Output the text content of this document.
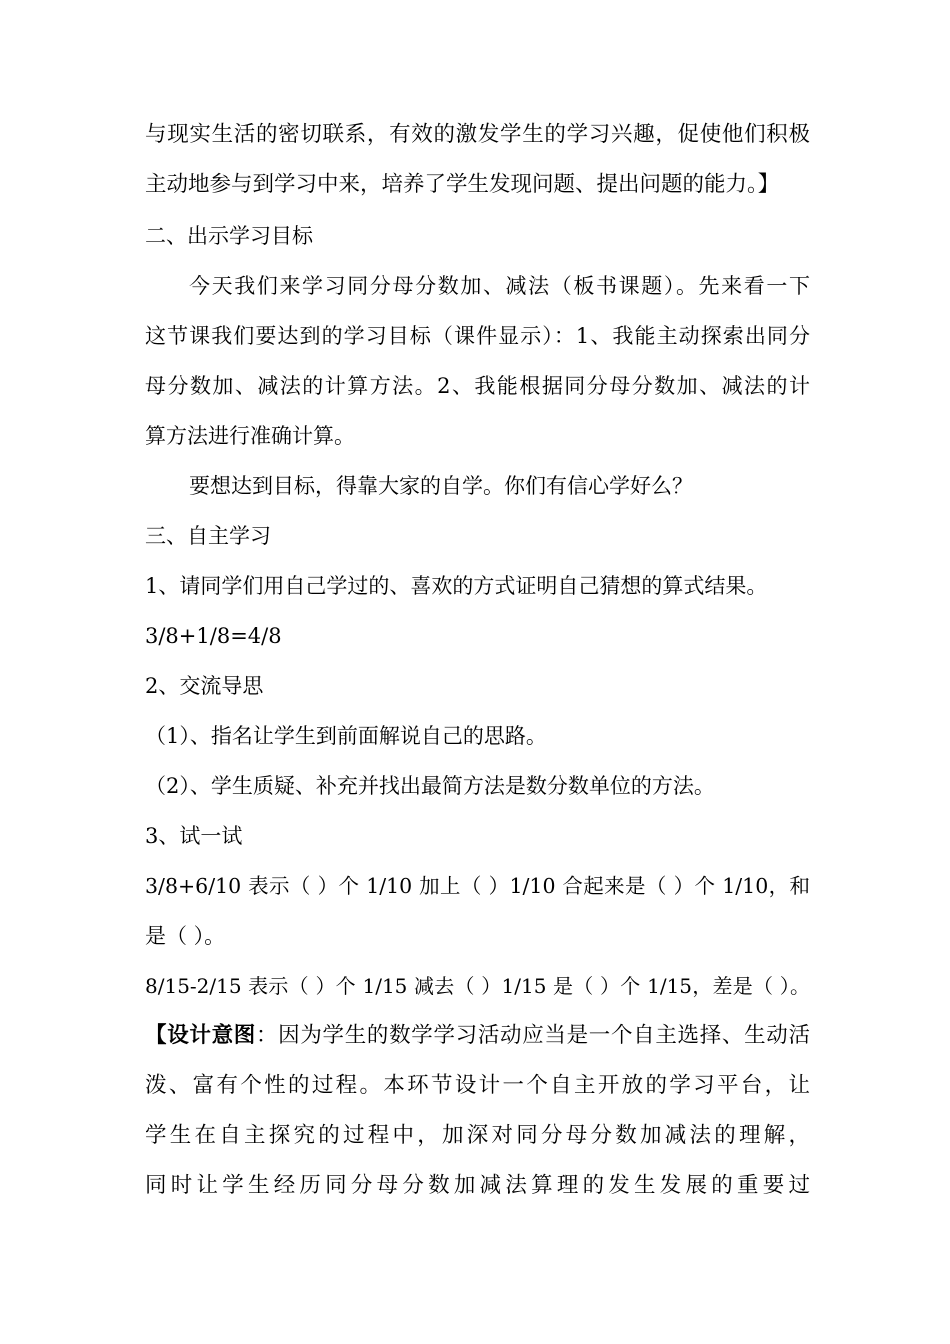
与现实生活的密切联系，有效的激发学生的学习兴趣，促使他们积极
主动地参与到学习中来，培养了学生发现问题、提出问题的能力。】
二、出示学习目标
今天我们来学习同分母分数加、减法（板书课题）。先来看一下
这节课我们要达到的学习目标（课件显示）：1、我能主动探索出同分
母分数加、减法的计算方法。2、我能根据同分母分数加、减法的计
算方法进行准确计算。
要想达到目标，得靠大家的自学。你们有信心学好么？
三、自主学习
1、请同学们用自己学过的、喜欢的方式证明自己猜想的算式结果。
3/8+1/8=4/8
2、交流导思
（1）、指名让学生到前面解说自己的思路。
（2）、学生质疑、补充并找出最简方法是数分数单位的方法。
3、试一试
3/8+6/10 表示（ ）个 1/10 加上（ ）1/10 合起来是（ ）个 1/10，和
是（ ）。
8/15-2/15 表示（ ）个 1/15 减去（ ）1/15 是（ ）个 1/15，差是（ ）。
【设计意图：因为学生的数学学习活动应当是一个自主选择、生动活
泼、富有个性的过程。本环节设计一个自主开放的学习平台，让
学生在自主探究的过程中，加深对同分母分数加减法的理解，
同时让学生经历同分母分数加减法算理的发生发展的重要过
